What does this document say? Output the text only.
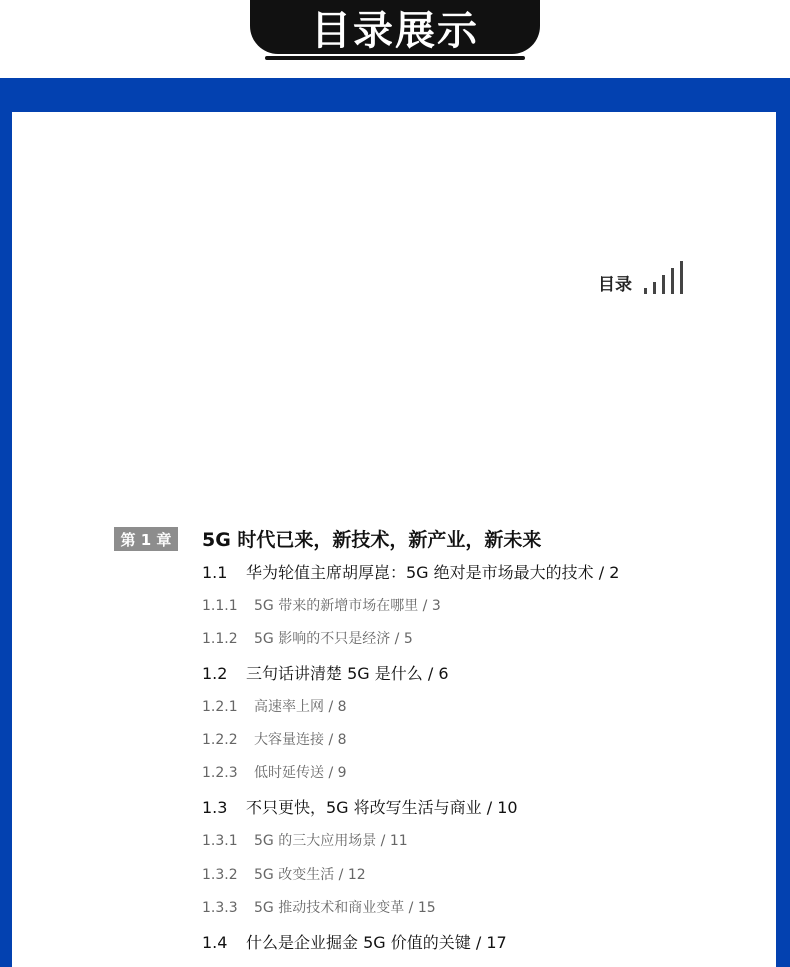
目录展示
目录
第 1 章	5G 时代已来，新技术，新产业，新未来
1.1 华为轮值主席胡厚崑：5G 绝对是市场最大的技术 / 2
1.1.1 5G 带来的新增市场在哪里 / 3
1.1.2 5G 影响的不只是经济 / 5
1.2 三句话讲清楚 5G 是什么 / 6
1.2.1 高速率上网 / 8
1.2.2 大容量连接 / 8
1.2.3 低时延传送 / 9
1.3 不只更快，5G 将改写生活与商业 / 10
1.3.1 5G 的三大应用场景 / 11
1.3.2 5G 改变生活 / 12
1.3.3 5G 推动技术和商业变革 / 15
1.4 什么是企业掘金 5G 价值的关键 / 17
